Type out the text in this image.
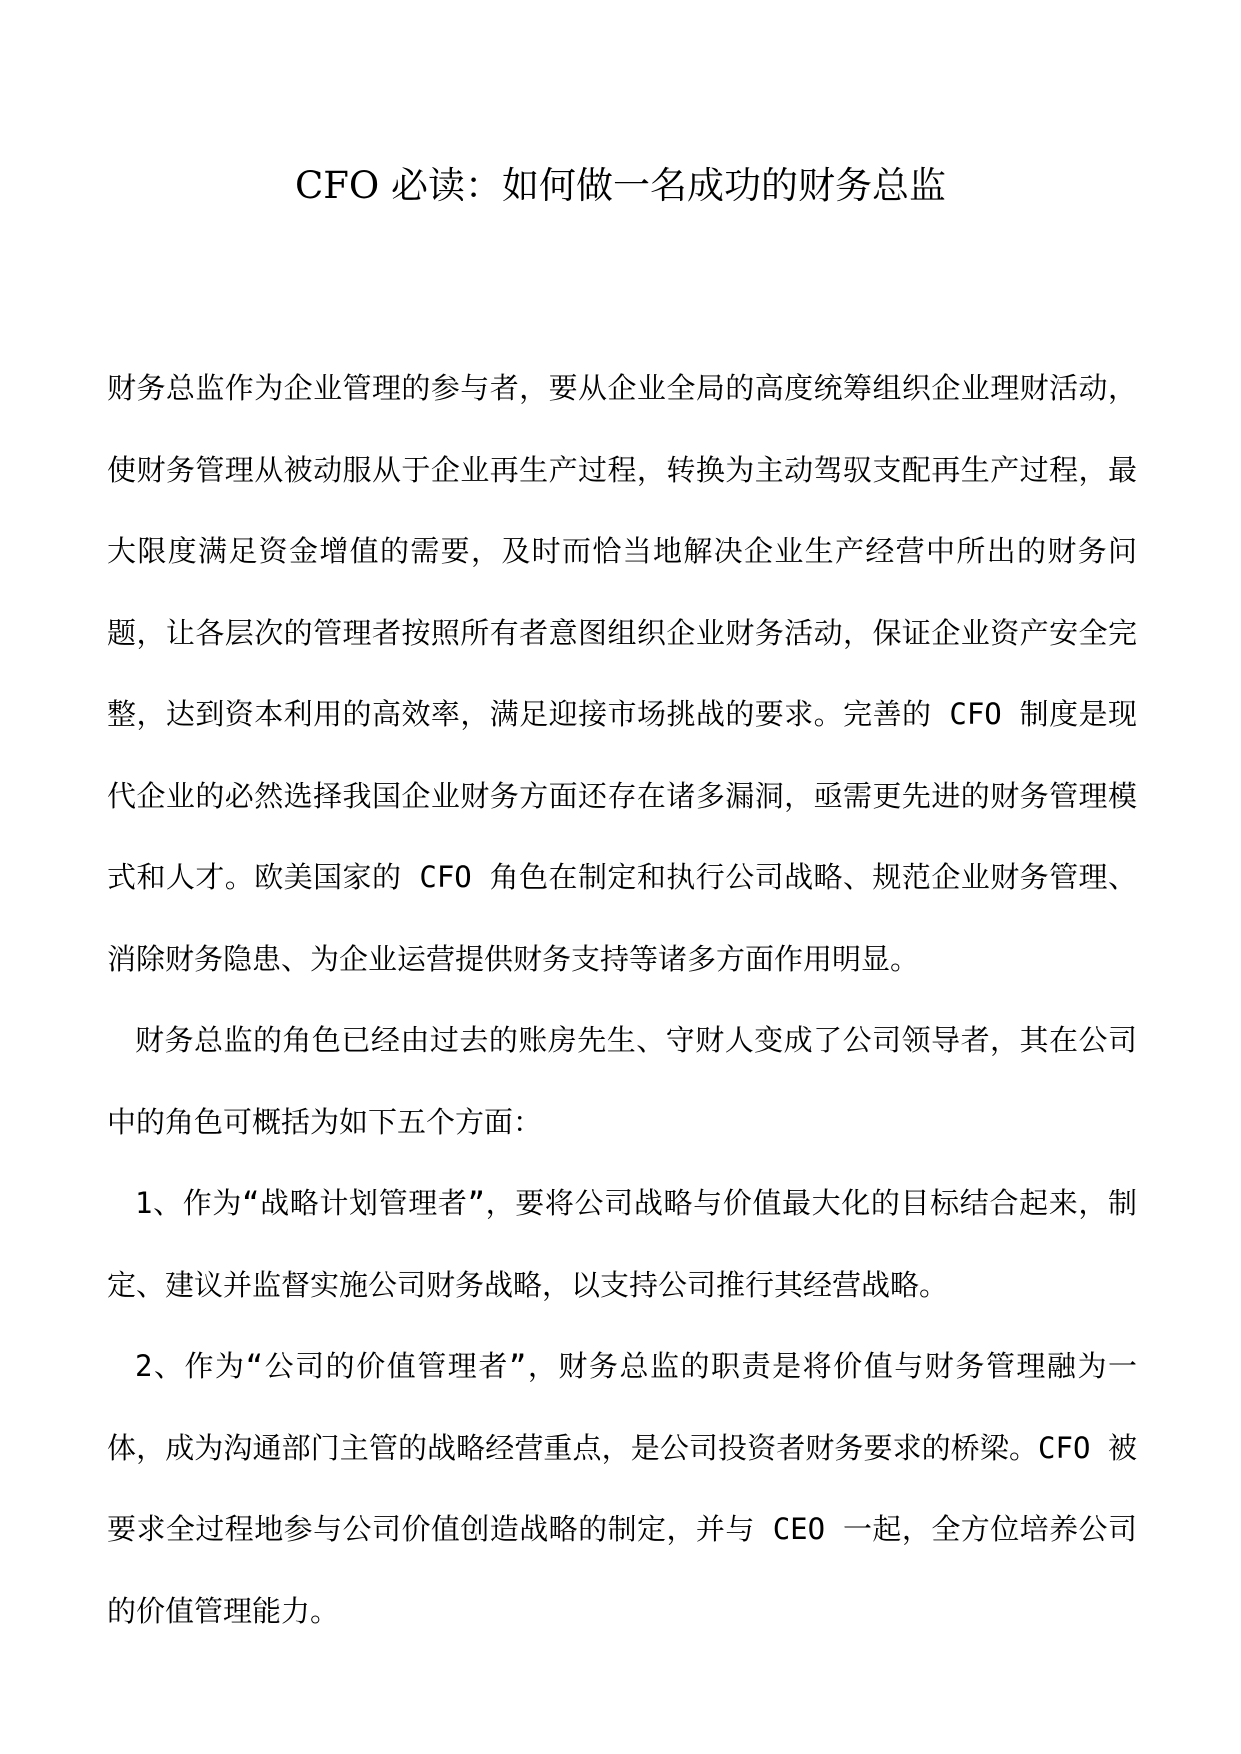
CFO 必读：如何做一名成功的财务总监

财务总监作为企业管理的参与者，要从企业全局的高度统筹组织企业理财活动，使财务管理从被动服从于企业再生产过程，转换为主动驾驭支配再生产过程，最大限度满足资金增值的需要，及时而恰当地解决企业生产经营中所出的财务问题，让各层次的管理者按照所有者意图组织企业财务活动，保证企业资产安全完整，达到资本利用的高效率，满足迎接市场挑战的要求。完善的 CFO 制度是现代企业的必然选择我国企业财务方面还存在诸多漏洞，亟需更先进的财务管理模式和人才。欧美国家的 CFO 角色在制定和执行公司战略、规范企业财务管理、消除财务隐患、为企业运营提供财务支持等诸多方面作用明显。

财务总监的角色已经由过去的账房先生、守财人变成了公司领导者，其在公司中的角色可概括为如下五个方面：

1、作为“战略计划管理者”，要将公司战略与价值最大化的目标结合起来，制定、建议并监督实施公司财务战略，以支持公司推行其经营战略。

2、作为“公司的价值管理者”，财务总监的职责是将价值与财务管理融为一体，成为沟通部门主管的战略经营重点，是公司投资者财务要求的桥梁。CFO 被要求全过程地参与公司价值创造战略的制定，并与 CEO 一起，全方位培养公司的价值管理能力。
